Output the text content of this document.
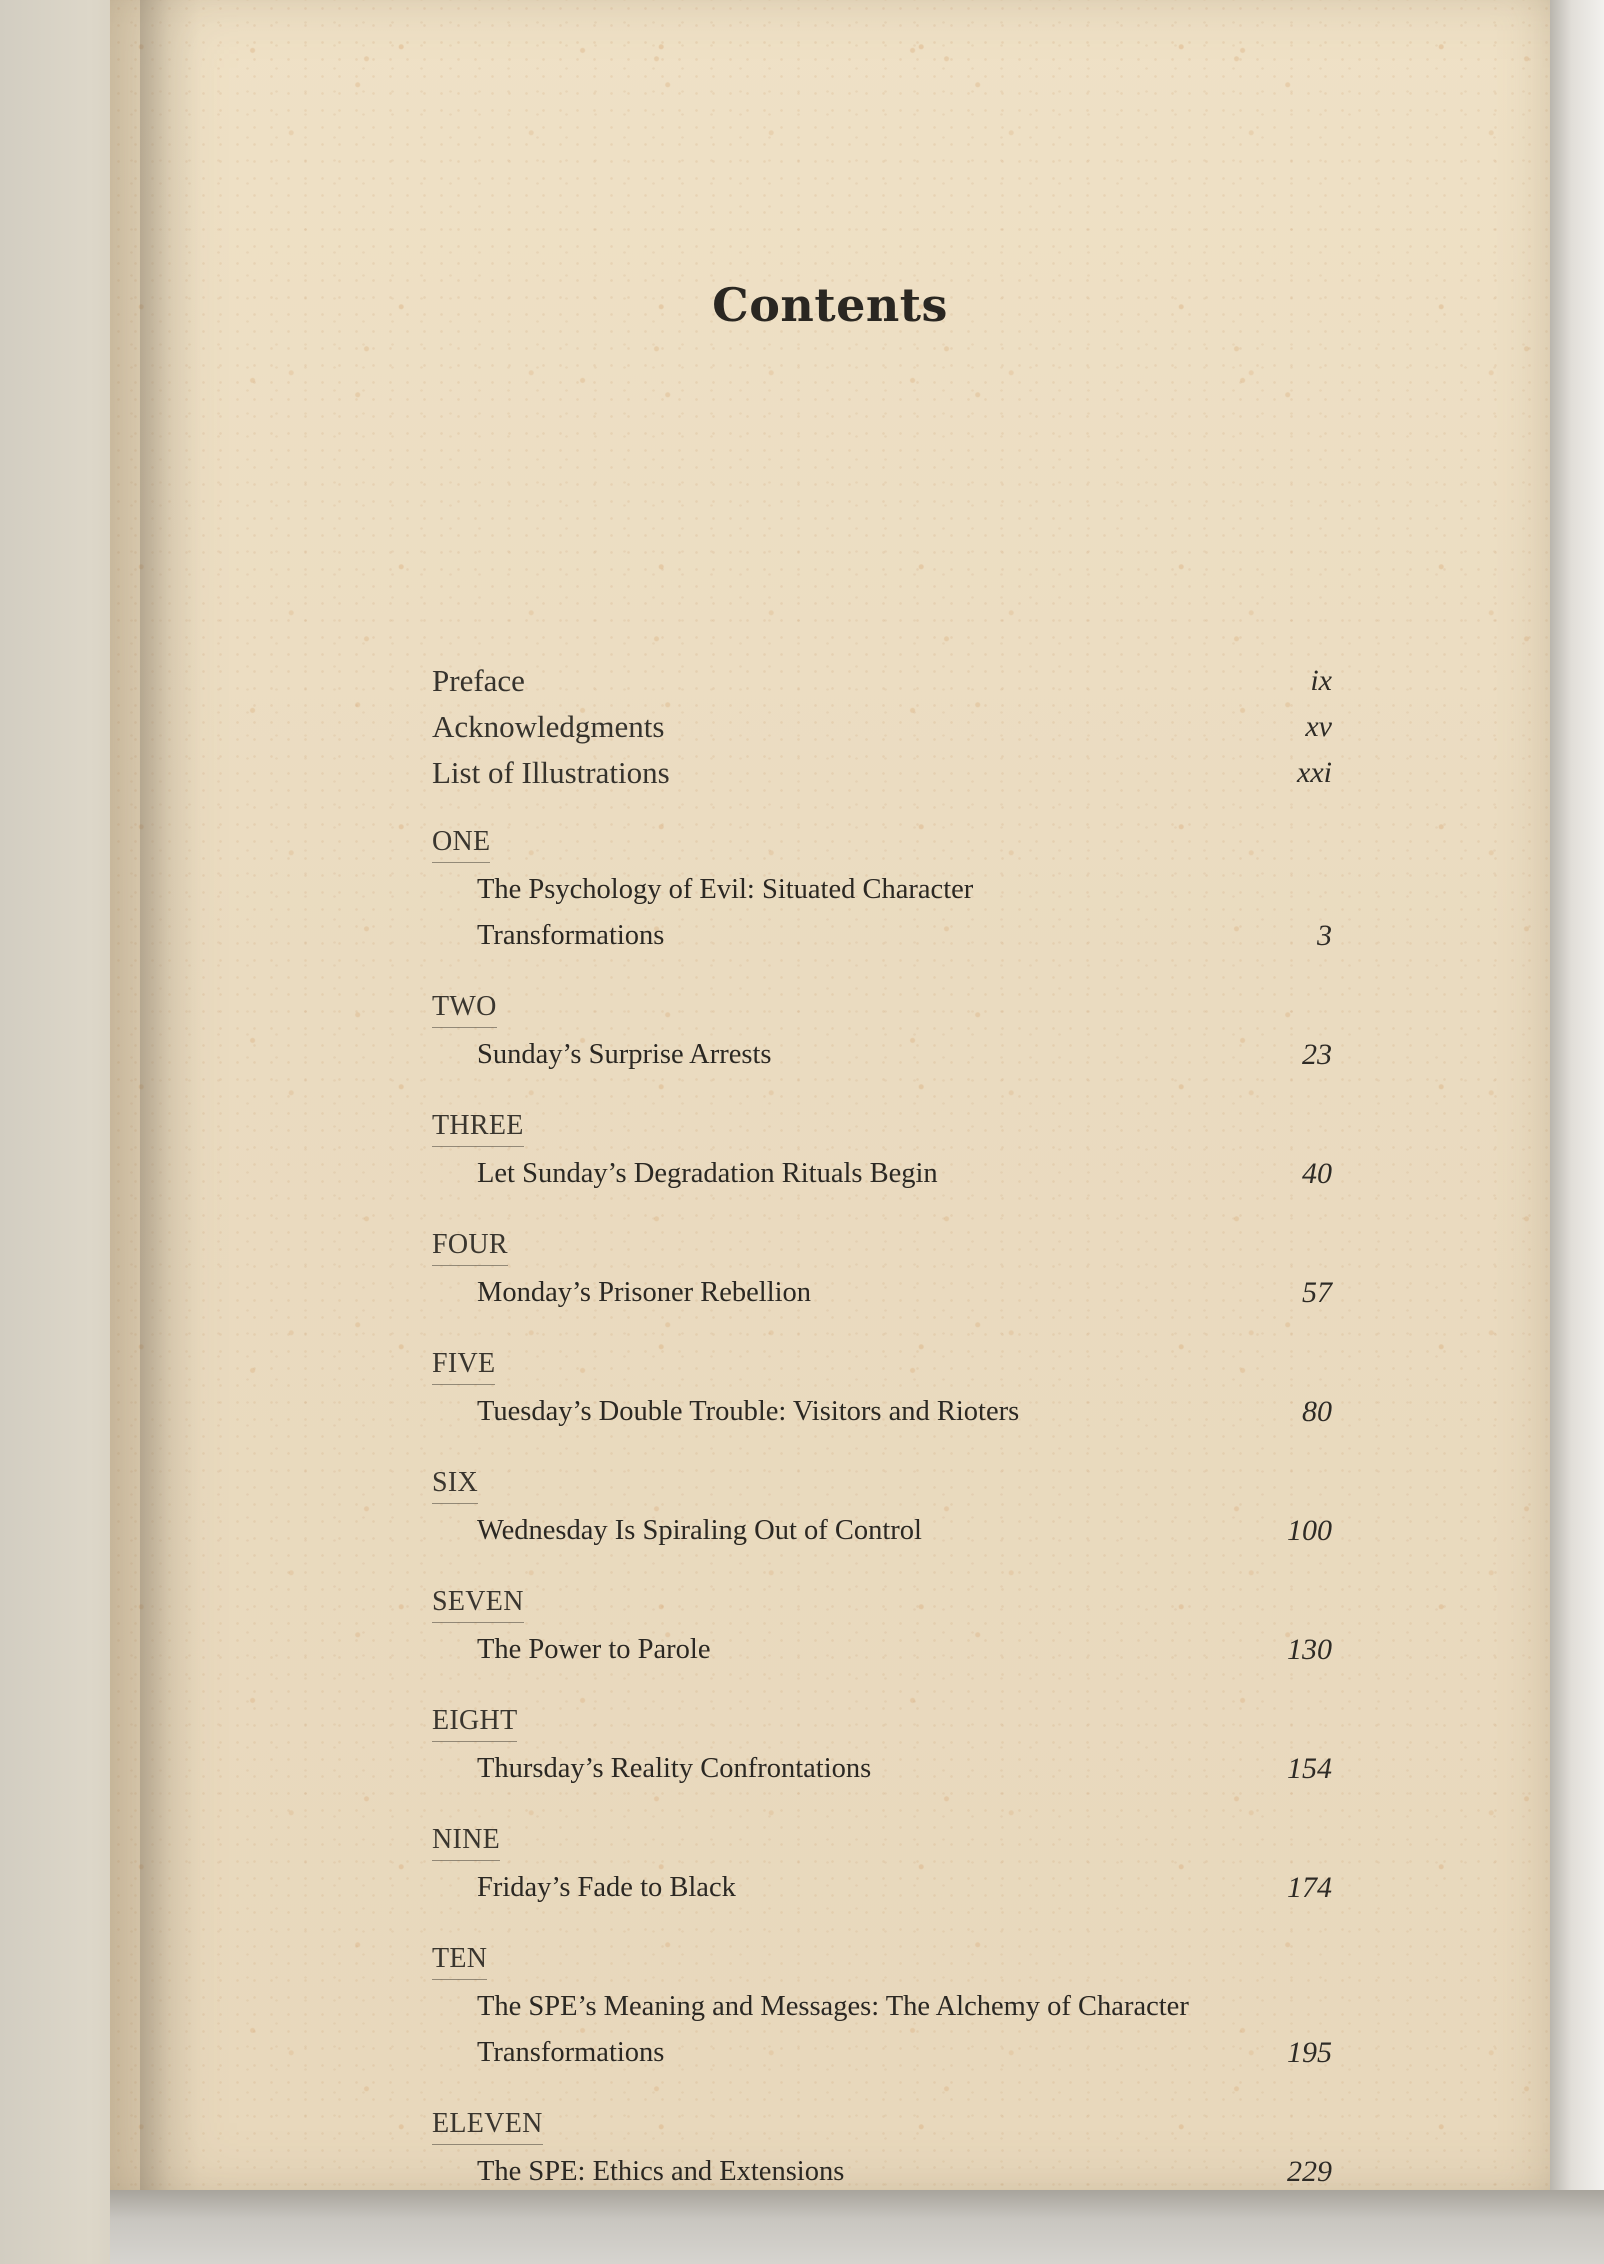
Contents
Preface	ix
Acknowledgments	xv
List of Illustrations	xxi
ONE
The Psychology of Evil: Situated Character
Transformations	3
TWO
Sunday’s Surprise Arrests	23
THREE
Let Sunday’s Degradation Rituals Begin	40
FOUR
Monday’s Prisoner Rebellion	57
FIVE
Tuesday’s Double Trouble: Visitors and Rioters	80
SIX
Wednesday Is Spiraling Out of Control	100
SEVEN
The Power to Parole	130
EIGHT
Thursday’s Reality Confrontations	154
NINE
Friday’s Fade to Black	174
TEN
The SPE’s Meaning and Messages: The Alchemy of Character
Transformations	195
ELEVEN
The SPE: Ethics and Extensions	229
